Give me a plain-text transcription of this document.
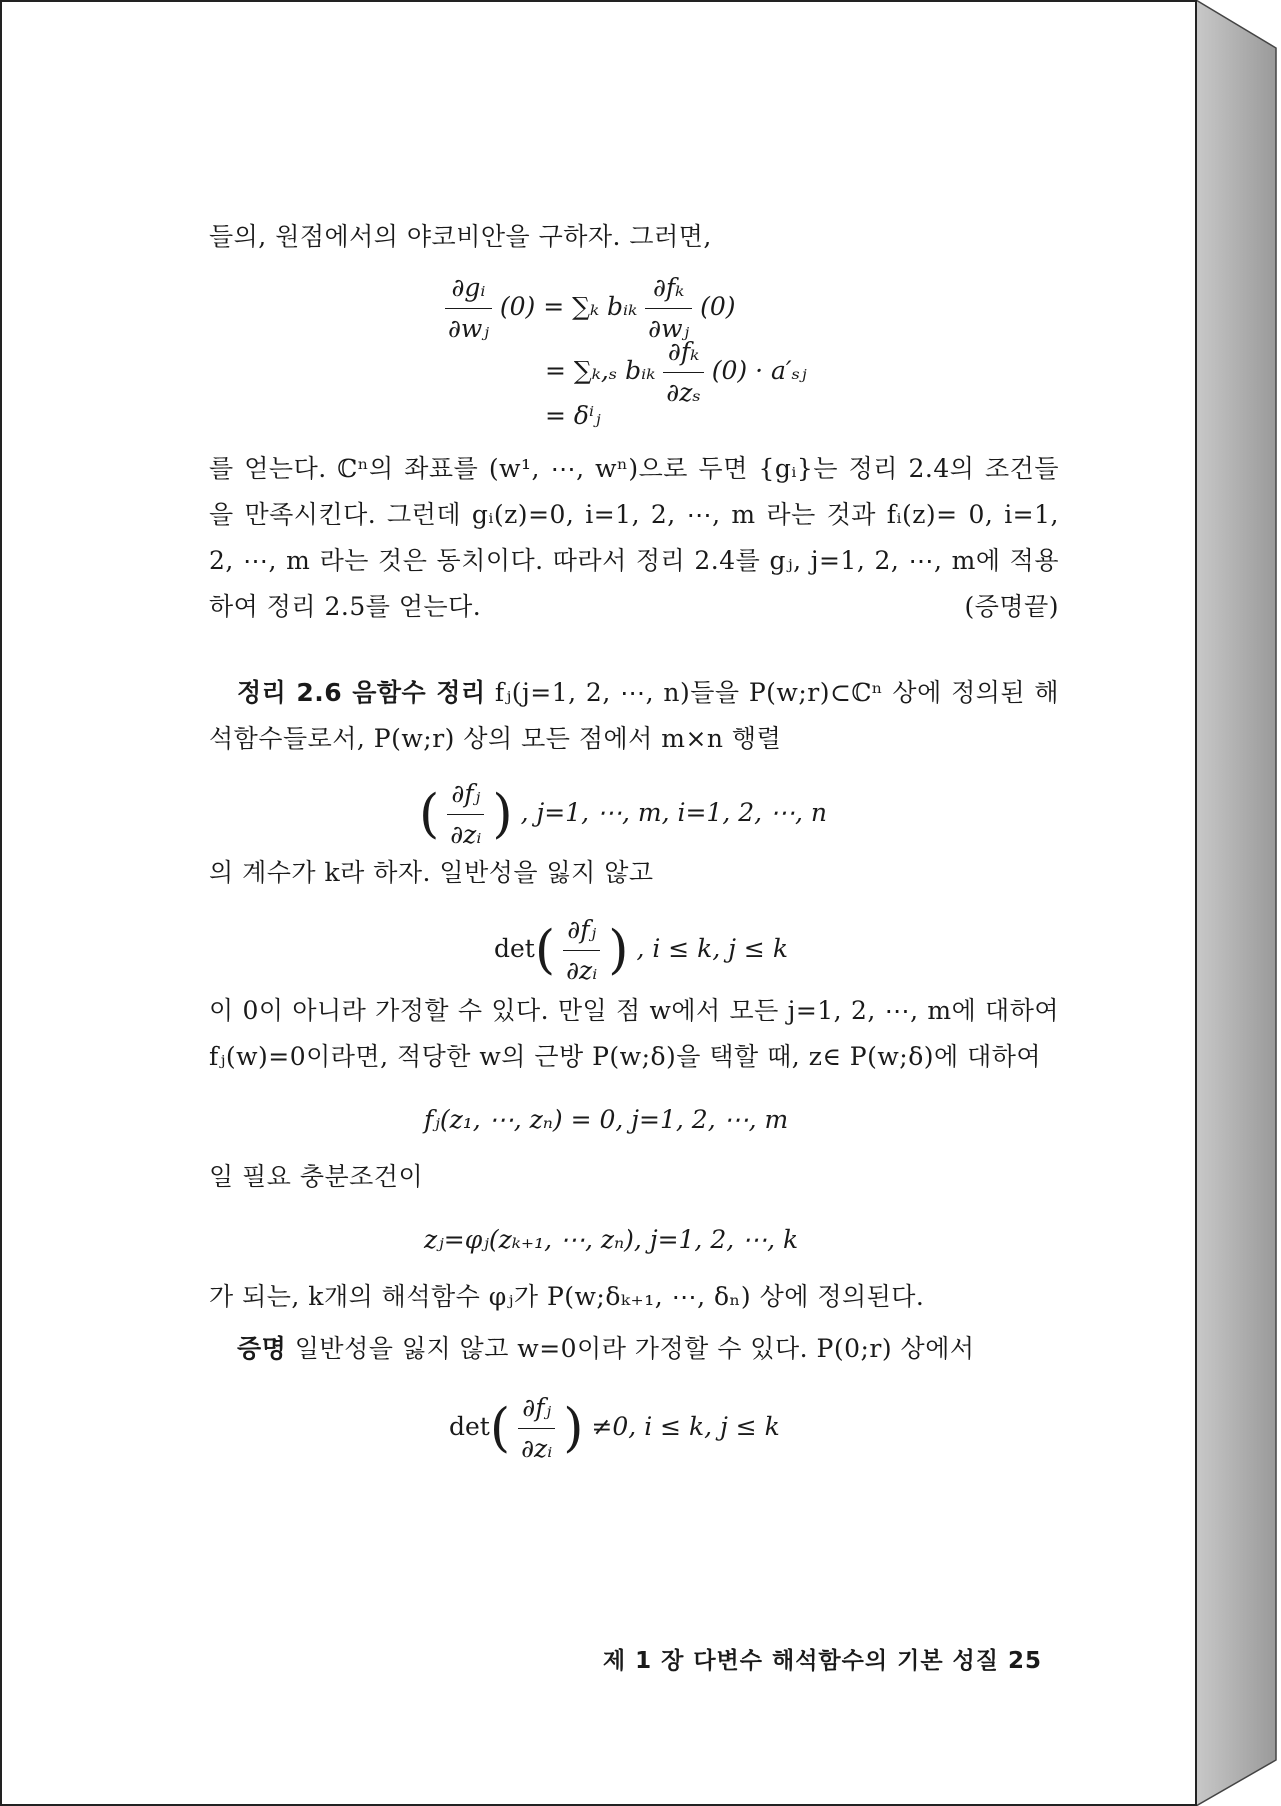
들의, 원점에서의 야코비안을 구하자. 그러면,

$\frac{\text{∂gᵢ}}{\text{∂wⱼ}} (0) = \sum_k$ bᵢₖ $\frac{\text{∂fₖ}}{\text{∂wⱼ}} (0)$
= ∑ₖ,ₛ bᵢₖ $\frac{\text{∂fₖ}}{\text{∂zₛ}} (0)$ · a′ₛⱼ
= δⁱⱼ

를 얻는다. ℂⁿ의 좌표를 (w¹, ⋯, wⁿ)으로 두면 {gᵢ}는 정리 2.4의 조건들을 만족시킨다. 그런데 gᵢ(z)=0, i=1, 2, ⋯, m 라는 것과 fᵢ(z)= 0, i=1, 2, ⋯, m 라는 것은 동치이다. 따라서 정리 2.4를 gⱼ, j=1, 2, ⋯, m에 적용하여 정리 2.5를 얻는다.	(증명끝)

정리 2.6 음함수 정리 fⱼ(j=1, 2, ⋯, n)들을 P(w;r)⊂ℂⁿ 상에 정의된 해석함수들로서, P(w;r) 상의 모든 점에서 m×n 행렬

( $\frac{\text{∂fⱼ}}{\text{∂zᵢ}}$ ) , j=1, ⋯, m, i=1, 2, ⋯, n

의 계수가 k라 하자. 일반성을 잃지 않고

$\det( \frac{\text{∂fⱼ}}{\text{∂zᵢ}}$ ) , i ≤ k, j ≤ k

이 0이 아니라 가정할 수 있다. 만일 점 w에서 모든 j=1, 2, ⋯, m에 대하여 fⱼ(w)=0이라면, 적당한 w의 근방 P(w;δ)을 택할 때, z∈ P(w;δ)에 대하여

fⱼ(z₁, ⋯, zₙ) = 0, j=1, 2, ⋯, m

일 필요 충분조건이

zⱼ=φⱼ(zₖ₊₁, ⋯, zₙ), j=1, 2, ⋯, k

가 되는, k개의 해석함수 φⱼ가 P(w;δₖ₊₁, ⋯, δₙ) 상에 정의된다.

증명 일반성을 잃지 않고 w=0이라 가정할 수 있다. P(0;r) 상에서

$\det( \frac{\text{∂fⱼ}}{\text{∂zᵢ}}$ ) ≠0, i ≤ k, j ≤ k
제 1 장 다변수 해석함수의 기본 성질 25
